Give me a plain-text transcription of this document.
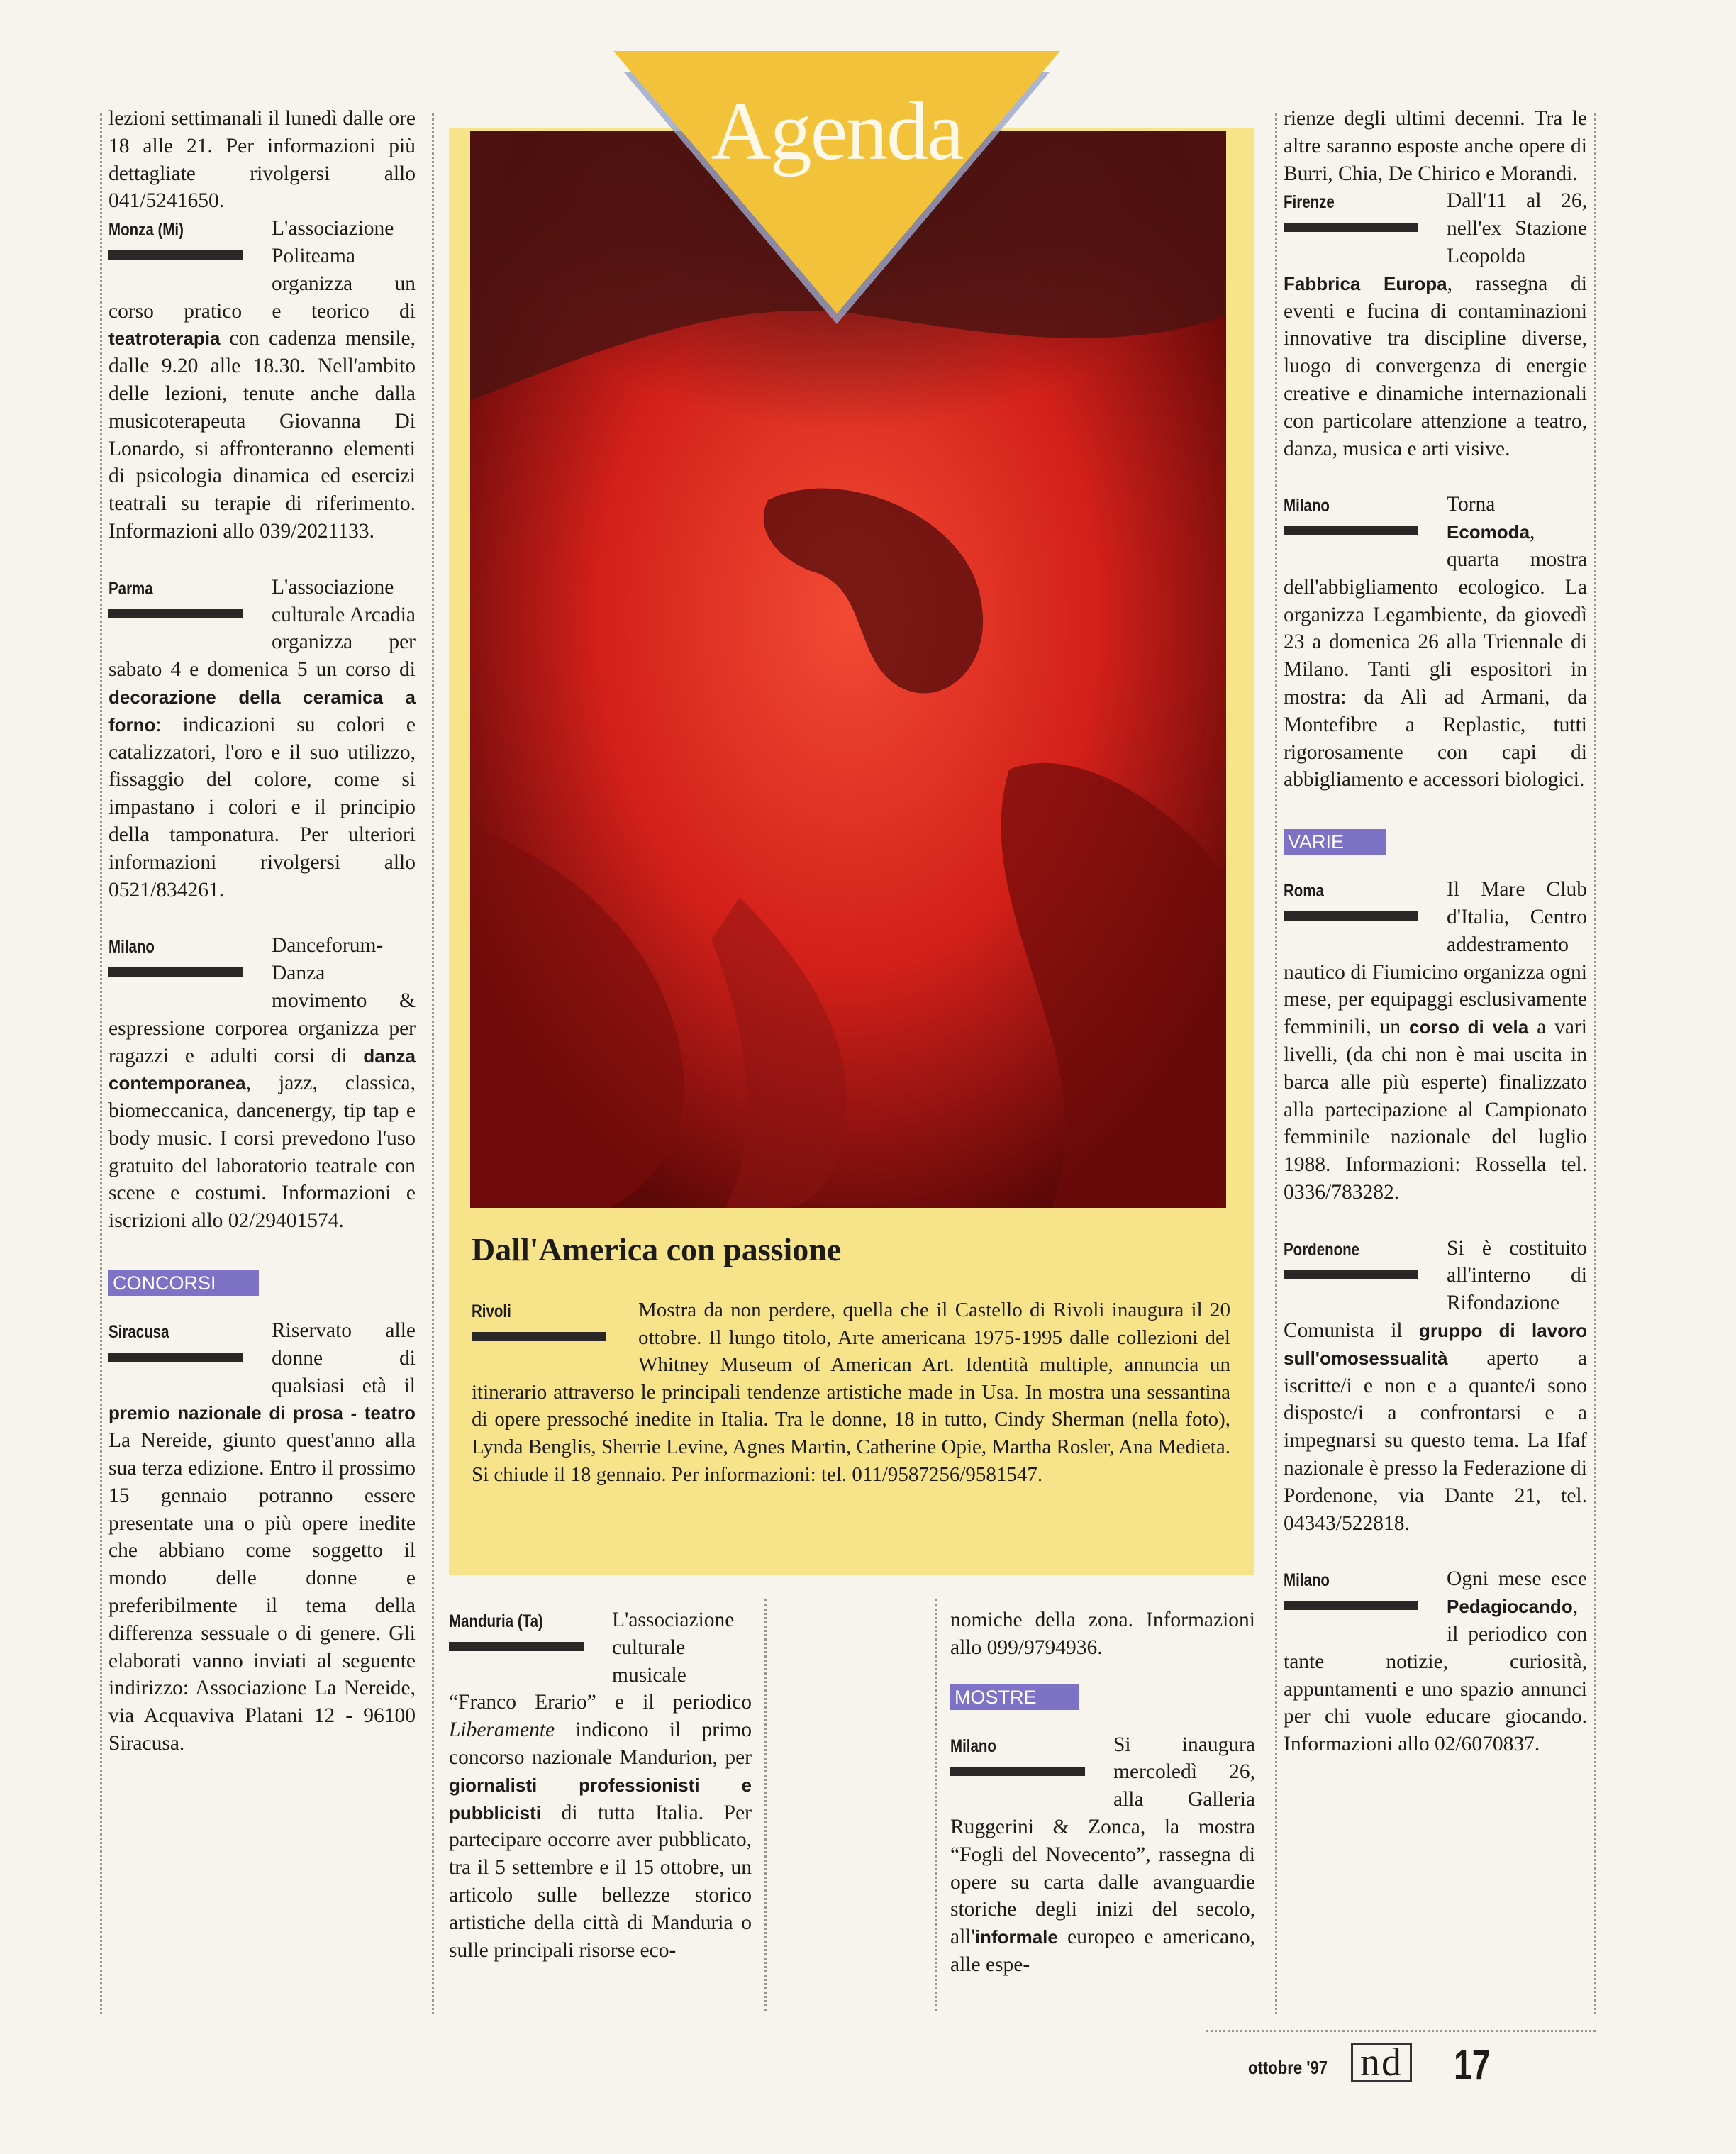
lezioni settimanali il lunedì dalle ore 18 alle 21. Per informazioni più dettagliate rivolgersi allo 041/5241650.

Monza (Mi)	L'associazione Politeama organizza un corso pratico e teorico di teatroterapia con cadenza mensile, dalle 9.20 alle 18.30. Nell'ambito delle lezioni, tenute anche dalla musicoterapeuta Giovanna Di Lonardo, si affronteranno elementi di psicologia dinamica ed esercizi teatrali su terapie di riferimento. Informazioni allo 039/2021133.
Parma	L'associazione culturale Arcadia organizza per sabato 4 e domenica 5 un corso di decorazione della ceramica a forno: indicazioni su colori e catalizzatori, l'oro e il suo utilizzo, fissaggio del colore, come si impastano i colori e il principio della tamponatura. Per ulteriori informazioni rivolgersi allo 0521/834261.
Milano	Danceforum-Danza movimento & espressione corporea organizza per ragazzi e adulti corsi di danza contemporanea, jazz, classica, biomeccanica, dancenergy, tip tap e body music. I corsi prevedono l'uso gratuito del laboratorio teatrale con scene e costumi. Informazioni e iscrizioni allo 02/29401574.
CONCORSI
Siracusa	Riservato alle donne di qualsiasi età il premio nazionale di prosa - teatro La Nereide, giunto quest'anno alla sua terza edizione. Entro il prossimo 15 gennaio potranno essere presentate una o più opere inedite che abbiano come soggetto il mondo delle donne e preferibilmente il tema della differenza sessuale o di genere. Gli elaborati vanno inviati al seguente indirizzo: Associazione La Nereide, via Acquaviva Platani 12 - 96100 Siracusa.
Agenda
Dall'America con passione
Rivoli	Mostra da non perdere, quella che il Castello di Rivoli inaugura il 20 ottobre. Il lungo titolo, Arte americana 1975-1995 dalle collezioni del Whitney Museum of American Art. Identità multiple, annuncia un itinerario attraverso le principali tendenze artistiche made in Usa. In mostra una sessantina di opere pressoché inedite in Italia. Tra le donne, 18 in tutto, Cindy Sherman (nella foto), Lynda Benglis, Sherrie Levine, Agnes Martin, Catherine Opie, Martha Rosler, Ana Medieta. Si chiude il 18 gennaio. Per informazioni: tel. 011/9587256/9581547.
Manduria (Ta)	L'associazione culturale musicale “Franco Erario” e il periodico Liberamente indicono il primo concorso nazionale Mandurion, per giornalisti professionisti e pubblicisti di tutta Italia. Per partecipare occorre aver pubblicato, tra il 5 settembre e il 15 ottobre, un articolo sulle bellezze storico artistiche della città di Manduria o sulle principali risorse eco-

nomiche della zona. Informazioni allo 099/9794936.

MOSTRE
Milano	Si inaugura mercoledì 26, alla Galleria Ruggerini & Zonca, la mostra “Fogli del Novecento”, rassegna di opere su carta dalle avanguardie storiche degli inizi del secolo, all'informale europeo e americano, alle espe-

rienze degli ultimi decenni. Tra le altre saranno esposte anche opere di Burri, Chia, De Chirico e Morandi.

Firenze	Dall'11 al 26, nell'ex Stazione Leopolda Fabbrica Europa, rassegna di eventi e fucina di contaminazioni innovative tra discipline diverse, luogo di convergenza di energie creative e dinamiche internazionali con particolare attenzione a teatro, danza, musica e arti visive.
Milano	Torna Ecomoda, quarta mostra dell'abbigliamento ecologico. La organizza Legambiente, da giovedì 23 a domenica 26 alla Triennale di Milano. Tanti gli espositori in mostra: da Alì ad Armani, da Montefibre a Replastic, tutti rigorosamente con capi di abbigliamento e accessori biologici.
VARIE
Roma	Il Mare Club d'Italia, Centro addestramento nautico di Fiumicino organizza ogni mese, per equipaggi esclusivamente femminili, un corso di vela a vari livelli, (da chi non è mai uscita in barca alle più esperte) finalizzato alla partecipazione al Campionato femminile nazionale del luglio 1988. Informazioni: Rossella tel. 0336/783282.
Pordenone	Si è costituito all'interno di Rifondazione Comunista il gruppo di lavoro sull'omosessualità aperto a iscritte/i e non e a quante/i sono disposte/i a confrontarsi e a impegnarsi su questo tema. La Ifaf nazionale è presso la Federazione di Pordenone, via Dante 21, tel. 04343/522818.
Milano	Ogni mese esce Pedagiocando, il periodico con tante notizie, curiosità, appuntamenti e uno spazio annunci per chi vuole educare giocando. Informazioni allo 02/6070837.
ottobre '97 nd 17
